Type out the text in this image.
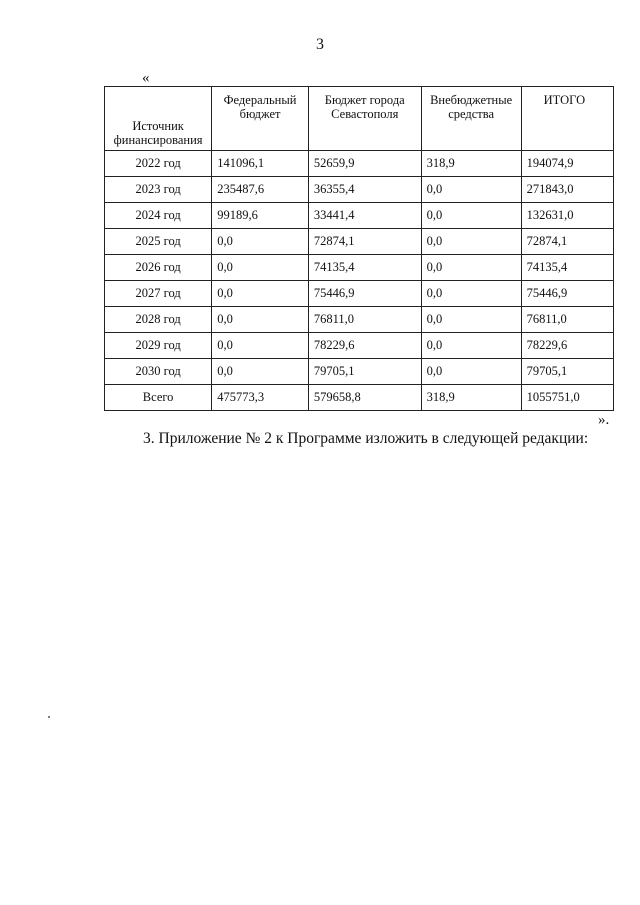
3
«
Источник финансирования	Федеральный бюджет	Бюджет города Севастополя	Внебюджетные средства	ИТОГО
2022 год	141096,1	52659,9	318,9	194074,9
2023 год	235487,6	36355,4	0,0	271843,0
2024 год	99189,6	33441,4	0,0	132631,0
2025 год	0,0	72874,1	0,0	72874,1
2026 год	0,0	74135,4	0,0	74135,4
2027 год	0,0	75446,9	0,0	75446,9
2028 год	0,0	76811,0	0,0	76811,0
2029 год	0,0	78229,6	0,0	78229,6
2030 год	0,0	79705,1	0,0	79705,1
Всего	475773,3	579658,8	318,9	1055751,0
».
3. Приложение № 2 к Программе изложить в следующей редакции:
